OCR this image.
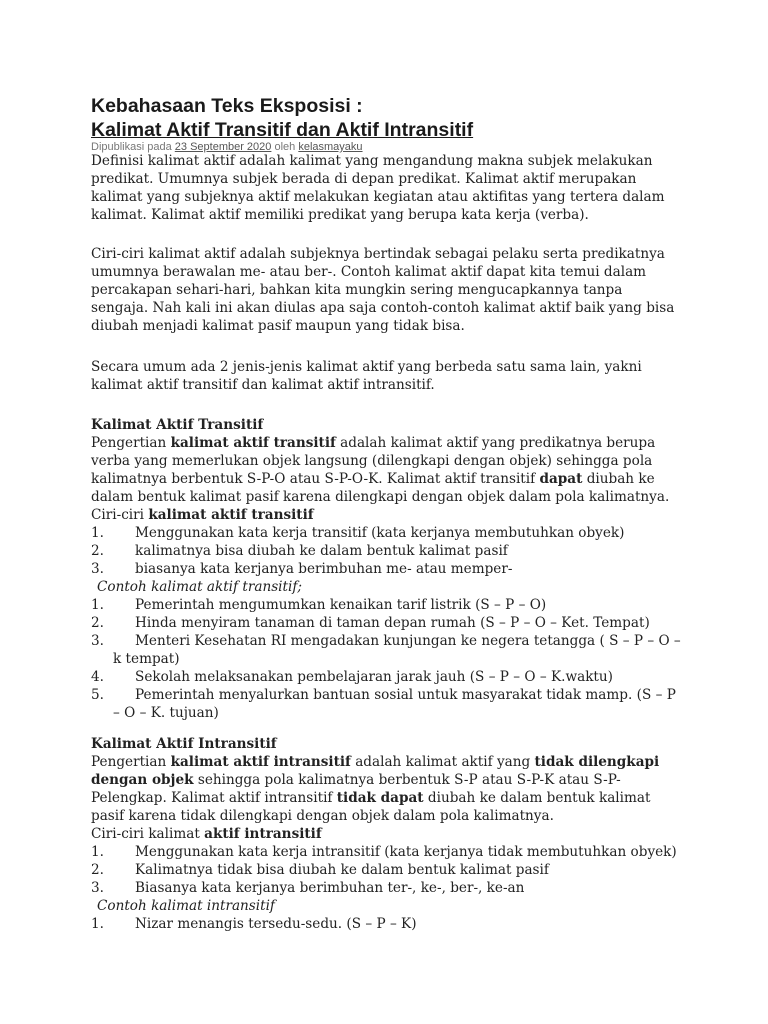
Kebahasaan Teks Eksposisi :
Kalimat Aktif Transitif dan Aktif Intransitif
Dipublikasi pada 23 September 2020 oleh kelasmayaku

Definisi kalimat aktif adalah kalimat yang mengandung makna subjek melakukan predikat. Umumnya subjek berada di depan predikat. Kalimat aktif merupakan kalimat yang subjeknya aktif melakukan kegiatan atau aktifitas yang tertera dalam kalimat. Kalimat aktif memiliki predikat yang berupa kata kerja (verba).

Ciri-ciri kalimat aktif adalah subjeknya bertindak sebagai pelaku serta predikatnya umumnya berawalan me- atau ber-. Contoh kalimat aktif dapat kita temui dalam percakapan sehari-hari, bahkan kita mungkin sering mengucapkannya tanpa sengaja. Nah kali ini akan diulas apa saja contoh-contoh kalimat aktif baik yang bisa diubah menjadi kalimat pasif maupun yang tidak bisa.

Secara umum ada 2 jenis-jenis kalimat aktif yang berbeda satu sama lain, yakni kalimat aktif transitif dan kalimat aktif intransitif.

Kalimat Aktif Transitif

Pengertian kalimat aktif transitif adalah kalimat aktif yang predikatnya berupa verba yang memerlukan objek langsung (dilengkapi dengan objek) sehingga pola kalimatnya berbentuk S-P-O atau S-P-O-K. Kalimat aktif transitif dapat diubah ke dalam bentuk kalimat pasif karena dilengkapi dengan objek dalam pola kalimatnya.

Ciri-ciri kalimat aktif transitif

1. Menggunakan kata kerja transitif (kata kerjanya membutuhkan obyek)
2. kalimatnya bisa diubah ke dalam bentuk kalimat pasif
3. biasanya kata kerjanya berimbuhan me- atau memper-

Contoh kalimat aktif transitif;

1. Pemerintah mengumumkan kenaikan tarif listrik (S – P – O)
2. Hinda menyiram tanaman di taman depan rumah (S – P – O – Ket. Tempat)
3. Menteri Kesehatan RI mengadakan kunjungan ke negera tetangga ( S – P – O – k tempat)
4. Sekolah melaksanakan pembelajaran jarak jauh (S – P – O – K.waktu)
5. Pemerintah menyalurkan bantuan sosial untuk masyarakat tidak mamp. (S – P – O – K. tujuan)

Kalimat Aktif Intransitif

Pengertian kalimat aktif intransitif adalah kalimat aktif yang tidak dilengkapi dengan objek sehingga pola kalimatnya berbentuk S-P atau S-P-K atau S-P-Pelengkap. Kalimat aktif intransitif tidak dapat diubah ke dalam bentuk kalimat pasif karena tidak dilengkapi dengan objek dalam pola kalimatnya.

Ciri-ciri kalimat aktif intransitif

1. Menggunakan kata kerja intransitif (kata kerjanya tidak membutuhkan obyek)
2. Kalimatnya tidak bisa diubah ke dalam bentuk kalimat pasif
3. Biasanya kata kerjanya berimbuhan ter-, ke-, ber-, ke-an

Contoh kalimat intransitif

1. Nizar menangis tersedu-sedu. (S – P – K)
